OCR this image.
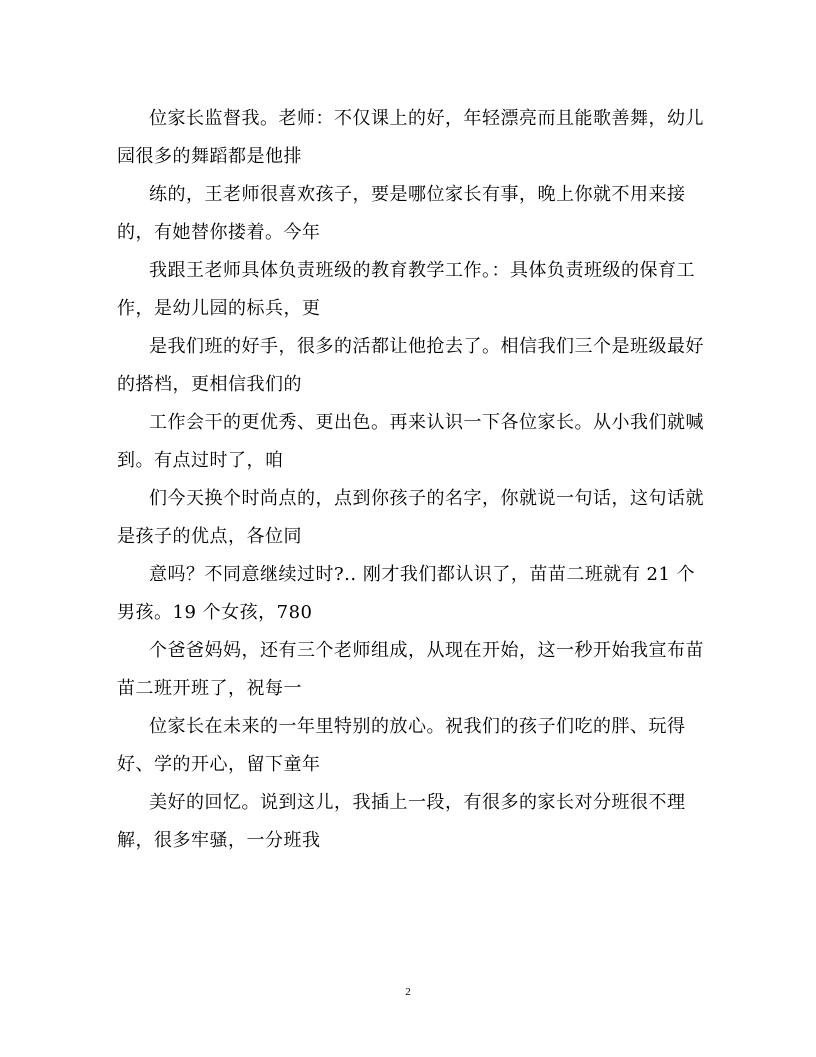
位家长监督我。老师：不仅课上的好，年轻漂亮而且能歌善舞，幼儿园很多的舞蹈都是他排

练的，王老师很喜欢孩子，要是哪位家长有事，晚上你就不用来接的，有她替你搂着。今年

我跟王老师具体负责班级的教育教学工作。：具体负责班级的保育工作，是幼儿园的标兵，更

是我们班的好手，很多的活都让他抢去了。相信我们三个是班级最好的搭档，更相信我们的

工作会干的更优秀、更出色。再来认识一下各位家长。从小我们就喊到。有点过时了，咱

们今天换个时尚点的，点到你孩子的名字，你就说一句话，这句话就是孩子的优点，各位同

意吗？不同意继续过时?.. 刚才我们都认识了，苗苗二班就有 21 个男孩。19 个女孩，780

个爸爸妈妈，还有三个老师组成，从现在开始，这一秒开始我宣布苗苗二班开班了，祝每一

位家长在未来的一年里特别的放心。祝我们的孩子们吃的胖、玩得好、学的开心，留下童年

美好的回忆。说到这儿，我插上一段，有很多的家长对分班很不理解，很多牢骚，一分班我

2
